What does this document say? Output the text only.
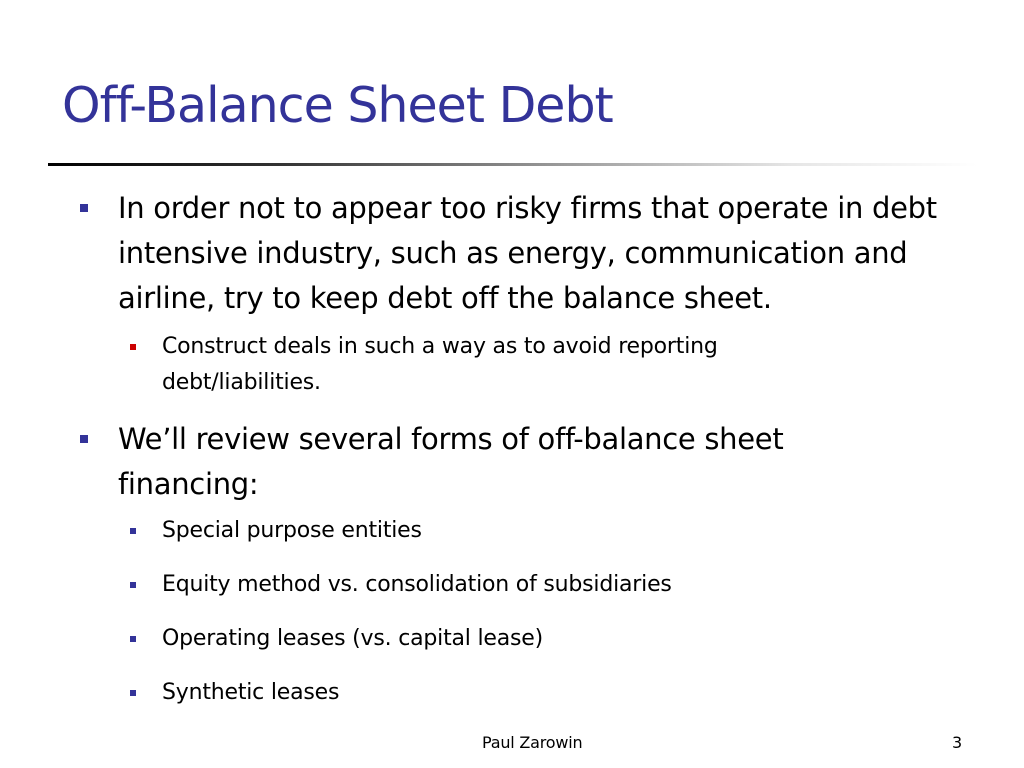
Off-Balance Sheet Debt
In order not to appear too risky firms that operate in debt intensive industry, such as energy, communication and airline, try to keep debt off the balance sheet.
Construct deals in such a way as to avoid reporting debt/liabilities.
We’ll review several forms of off-balance sheet financing:
Special purpose entities
Equity method vs. consolidation of subsidiaries
Operating leases (vs. capital lease)
Synthetic leases
Paul Zarowin	3
